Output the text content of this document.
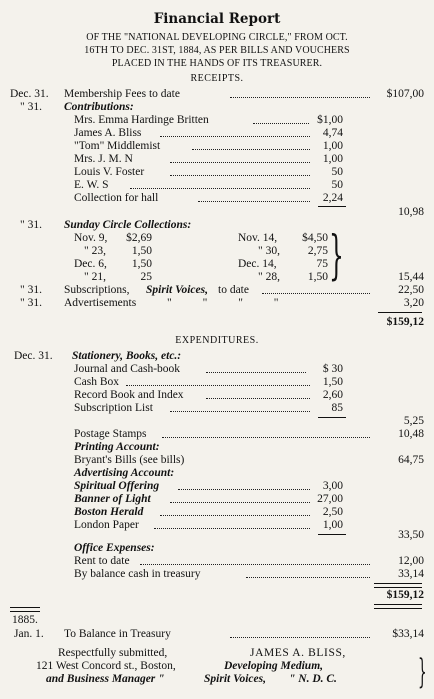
Financial Report
OF THE "NATIONAL DEVELOPING CIRCLE," FROM OCT.
16TH TO DEC. 31ST, 1884, AS PER BILLS AND VOUCHERS
PLACED IN THE HANDS OF ITS TREASURER.
RECEIPTS.
Dec. 31. Membership Fees to date	$107,00
" 31. Contributions:
Mrs. Emma Hardinge Britten	$1,00
James A. Bliss	4,74
"Tom" Middlemist	1,00
Mrs. J. M. N	1,00
Louis V. Foster	50
E. W. S	50
Collection for hall	2,24
10,98
" 31. Sunday Circle Collections:
Nov. 9,	$2,69	Nov. 14,	$4,50
" 23,	1,50	" 30,	2,75
Dec. 6,	1,50	Dec. 14,	75
" 21,	25	" 28,	1,50 }	15,44
" 31. Subscriptions, Spirit Voices, to date	22,50
" 31. Advertisements " " " "	3,20
$159,12
EXPENDITURES.
Dec. 31. Stationery, Books, etc.:
Journal and Cash-book	$ 30
Cash Box	1,50
Record Book and Index	2,60
Subscription List	85
5,25
Postage Stamps	10,48
Printing Account:
Bryant's Bills (see bills)	64,75
Advertising Account:
Spiritual Offering	3,00
Banner of Light	27,00
Boston Herald	2,50
London Paper	1,00
33,50
Office Expenses:
Rent to date	12,00
By balance cash in treasury	33,14
$159,12
1885.
Jan. 1. To Balance in Treasury	$33,14
Respectfully submitted,	JAMES A. BLISS,
121 West Concord st., Boston,	Developing Medium,
and Business Manager "	Spirit Voices, " N. D. C. }
